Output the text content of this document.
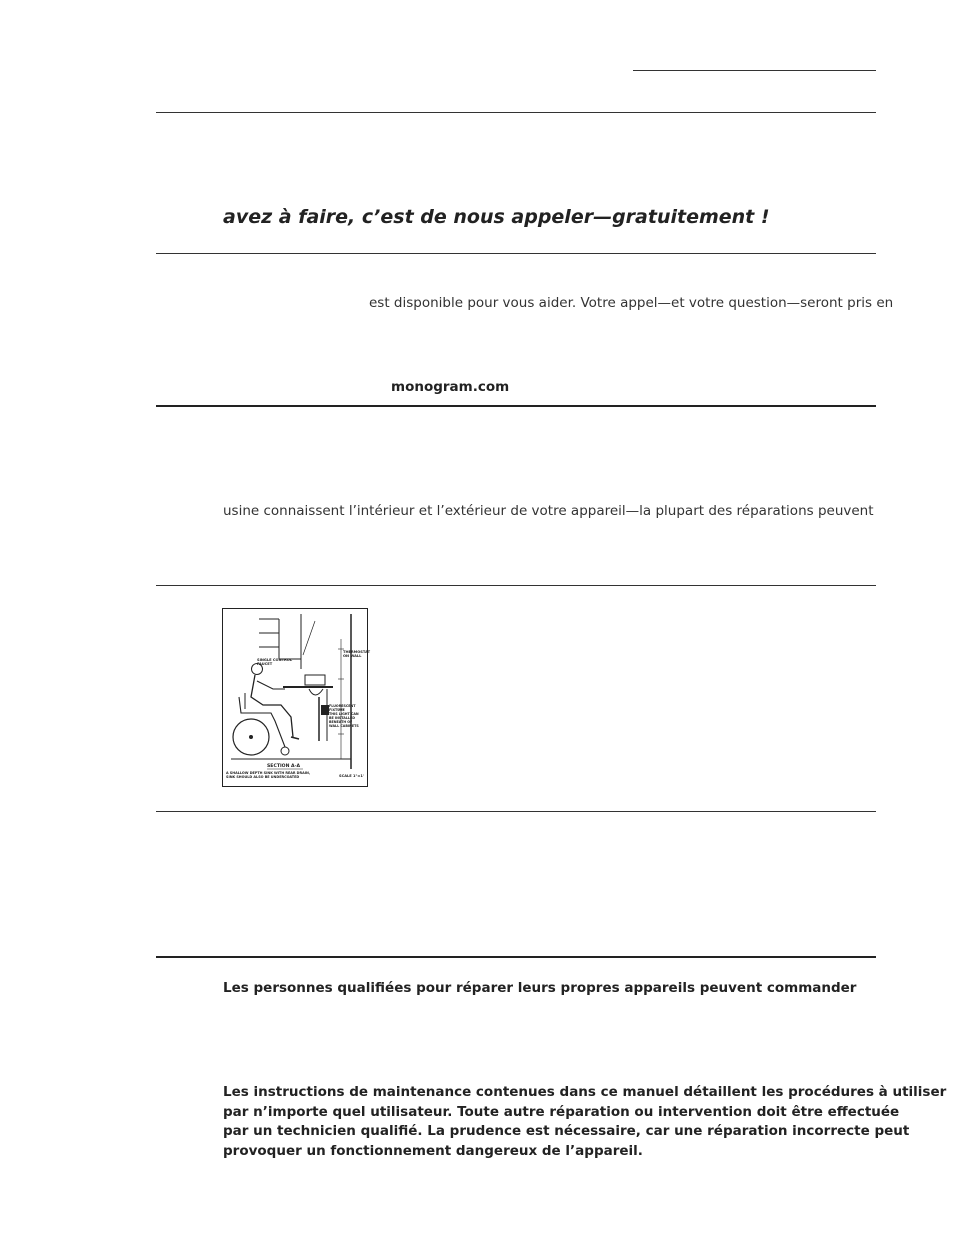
avez à faire, c’est de nous appeler—gratuitement !
est disponible pour vous aider. Votre appel—et votre question—seront pris en
monogram.com
usine connaissent l’intérieur et l’extérieur de votre appareil—la plupart des réparations peuvent
SINGLE CONTROL
FAUCET
THERMOSTAT
ON WALL
FLUORESCENT
FIXTURE
THIS LIGHT CAN
BE INSTALLED
BENEATH OF
WALL CABINETS
SECTION A-A
A SHALLOW DEPTH SINK WITH REAR DRAIN,
SINK SHOULD ALSO BE UNDERCOATED	SCALE 1"=1'
Les personnes qualifiées pour réparer leurs propres appareils peuvent commander
Les instructions de maintenance contenues dans ce manuel détaillent les procédures à utiliser
par n’importe quel utilisateur. Toute autre réparation ou intervention doit être effectuée
par un technicien qualifié. La prudence est nécessaire, car une réparation incorrecte peut
provoquer un fonctionnement dangereux de l’appareil.
